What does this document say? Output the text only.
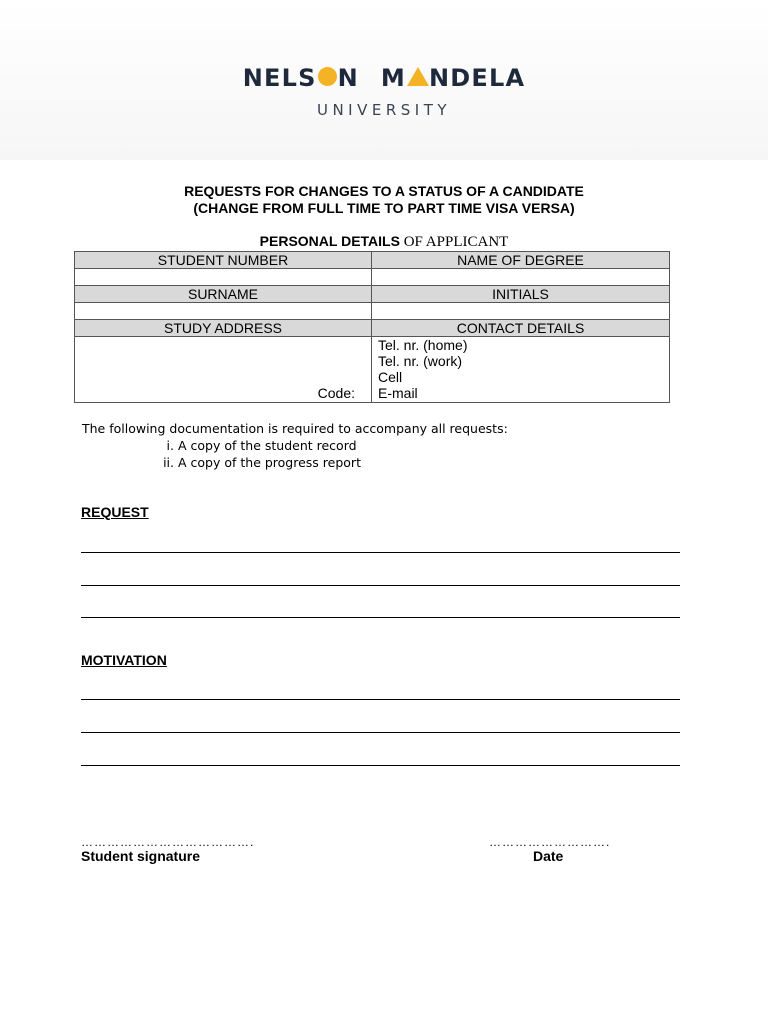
NELS N M NDELA
UNIVERSITY
REQUESTS FOR CHANGES TO A STATUS OF A CANDIDATE
(CHANGE FROM FULL TIME TO PART TIME VISA VERSA)
PERSONAL DETAILS OF APPLICANT
STUDENT NUMBER	NAME OF DEGREE

SURNAME	INITIALS

STUDY ADDRESS	CONTACT DETAILS

Code:	Tel. nr. (home)
Tel. nr. (work)
Cell
E-mail
The following documentation is required to accompany all requests:
i. A copy of the student record
ii. A copy of the progress report
REQUEST
MOTIVATION
………………………………….
Student signature
……………………….
Date
